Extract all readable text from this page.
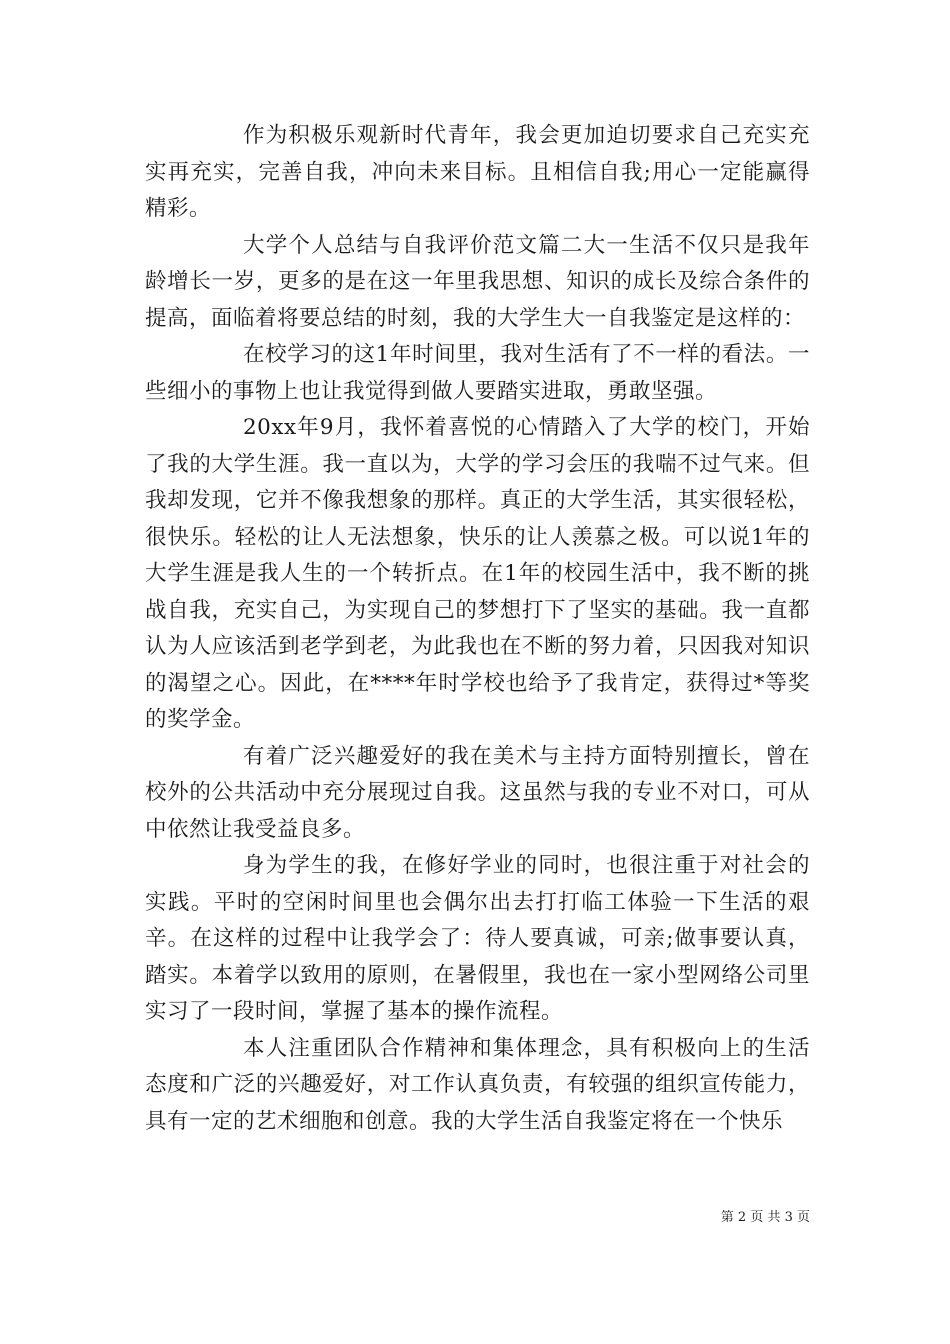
作为积极乐观新时代青年，我会更加迫切要求自己充实充实再充实，完善自我，冲向未来目标。且相信自我;用心一定能赢得精彩。

大学个人总结与自我评价范文篇二大一生活不仅只是我年龄增长一岁，更多的是在这一年里我思想、知识的成长及综合条件的提高，面临着将要总结的时刻，我的大学生大一自我鉴定是这样的：

在校学习的这1年时间里，我对生活有了不一样的看法。一些细小的事物上也让我觉得到做人要踏实进取，勇敢坚强。

20xx年9月，我怀着喜悦的心情踏入了大学的校门，开始了我的大学生涯。我一直以为，大学的学习会压的我喘不过气来。但我却发现，它并不像我想象的那样。真正的大学生活，其实很轻松，很快乐。轻松的让人无法想象，快乐的让人羡慕之极。可以说1年的大学生涯是我人生的一个转折点。在1年的校园生活中，我不断的挑战自我，充实自己，为实现自己的梦想打下了坚实的基础。我一直都认为人应该活到老学到老，为此我也在不断的努力着，只因我对知识的渴望之心。因此，在****年时学校也给予了我肯定，获得过*等奖的奖学金。

有着广泛兴趣爱好的我在美术与主持方面特别擅长，曾在校外的公共活动中充分展现过自我。这虽然与我的专业不对口，可从中依然让我受益良多。

身为学生的我，在修好学业的同时，也很注重于对社会的实践。平时的空闲时间里也会偶尔出去打打临工体验一下生活的艰辛。在这样的过程中让我学会了：待人要真诚，可亲;做事要认真，踏实。本着学以致用的原则，在暑假里，我也在一家小型网络公司里实习了一段时间，掌握了基本的操作流程。

本人注重团队合作精神和集体理念，具有积极向上的生活态度和广泛的兴趣爱好，对工作认真负责，有较强的组织宣传能力，具有一定的艺术细胞和创意。我的大学生活自我鉴定将在一个快乐

第 2 页 共 3 页
